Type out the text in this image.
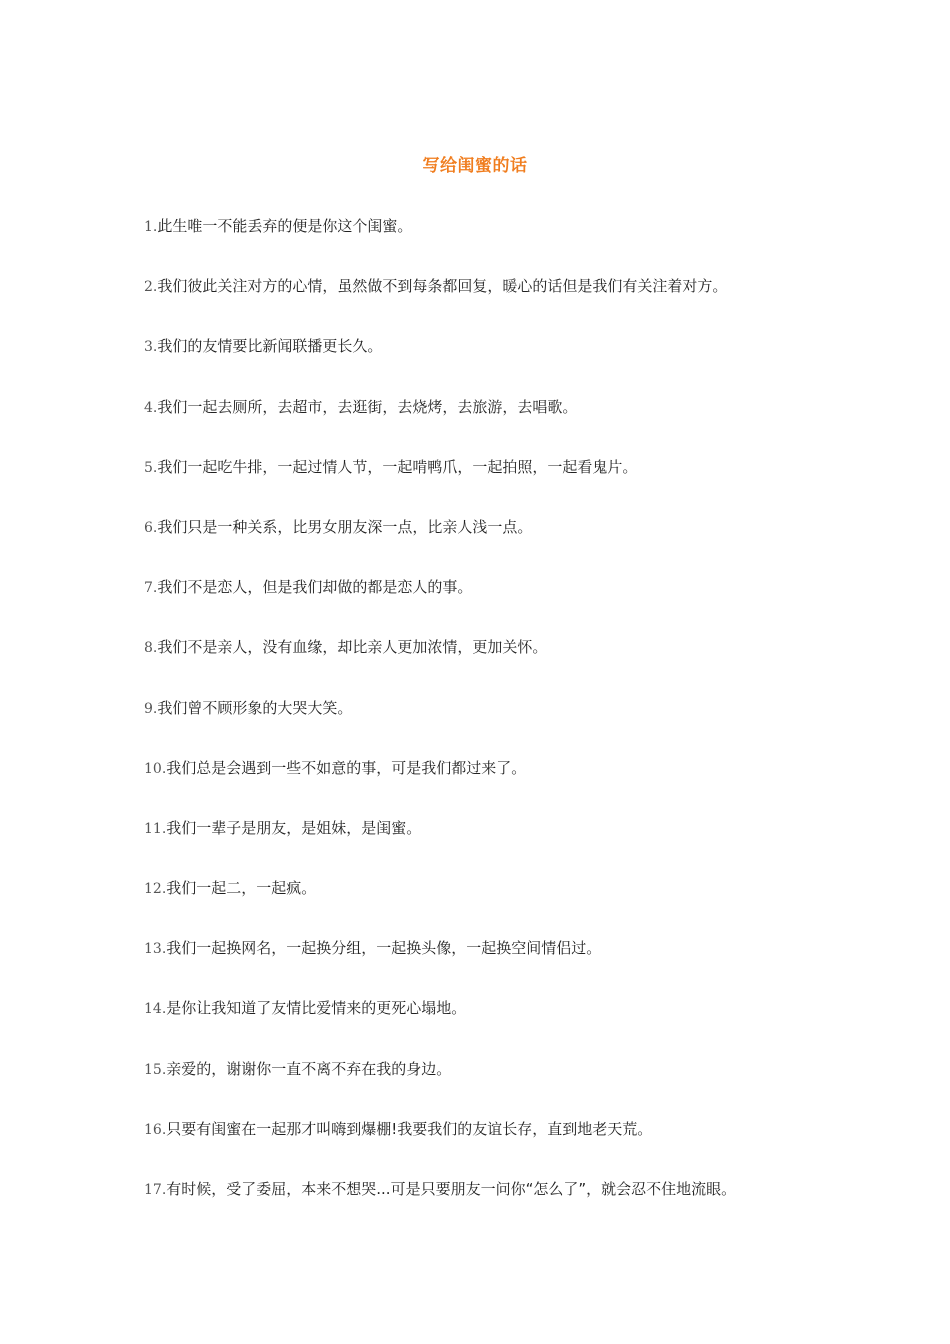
写给闺蜜的话
1.此生唯一不能丢弃的便是你这个闺蜜。
2.我们彼此关注对方的心情，虽然做不到每条都回复，暖心的话但是我们有关注着对方。
3.我们的友情要比新闻联播更长久。
4.我们一起去厕所，去超市，去逛街，去烧烤，去旅游，去唱歌。
5.我们一起吃牛排，一起过情人节，一起啃鸭爪，一起拍照，一起看鬼片。
6.我们只是一种关系，比男女朋友深一点，比亲人浅一点。
7.我们不是恋人，但是我们却做的都是恋人的事。
8.我们不是亲人，没有血缘，却比亲人更加浓情，更加关怀。
9.我们曾不顾形象的大哭大笑。
10.我们总是会遇到一些不如意的事，可是我们都过来了。
11.我们一辈子是朋友，是姐妹，是闺蜜。
12.我们一起二，一起疯。
13.我们一起换网名，一起换分组，一起换头像，一起换空间情侣过。
14.是你让我知道了友情比爱情来的更死心塌地。
15.亲爱的，谢谢你一直不离不弃在我的身边。
16.只要有闺蜜在一起那才叫嗨到爆棚!我要我们的友谊长存，直到地老天荒。
17.有时候，受了委屈，本来不想哭...可是只要朋友一问你“怎么了”，就会忍不住地流眼。
